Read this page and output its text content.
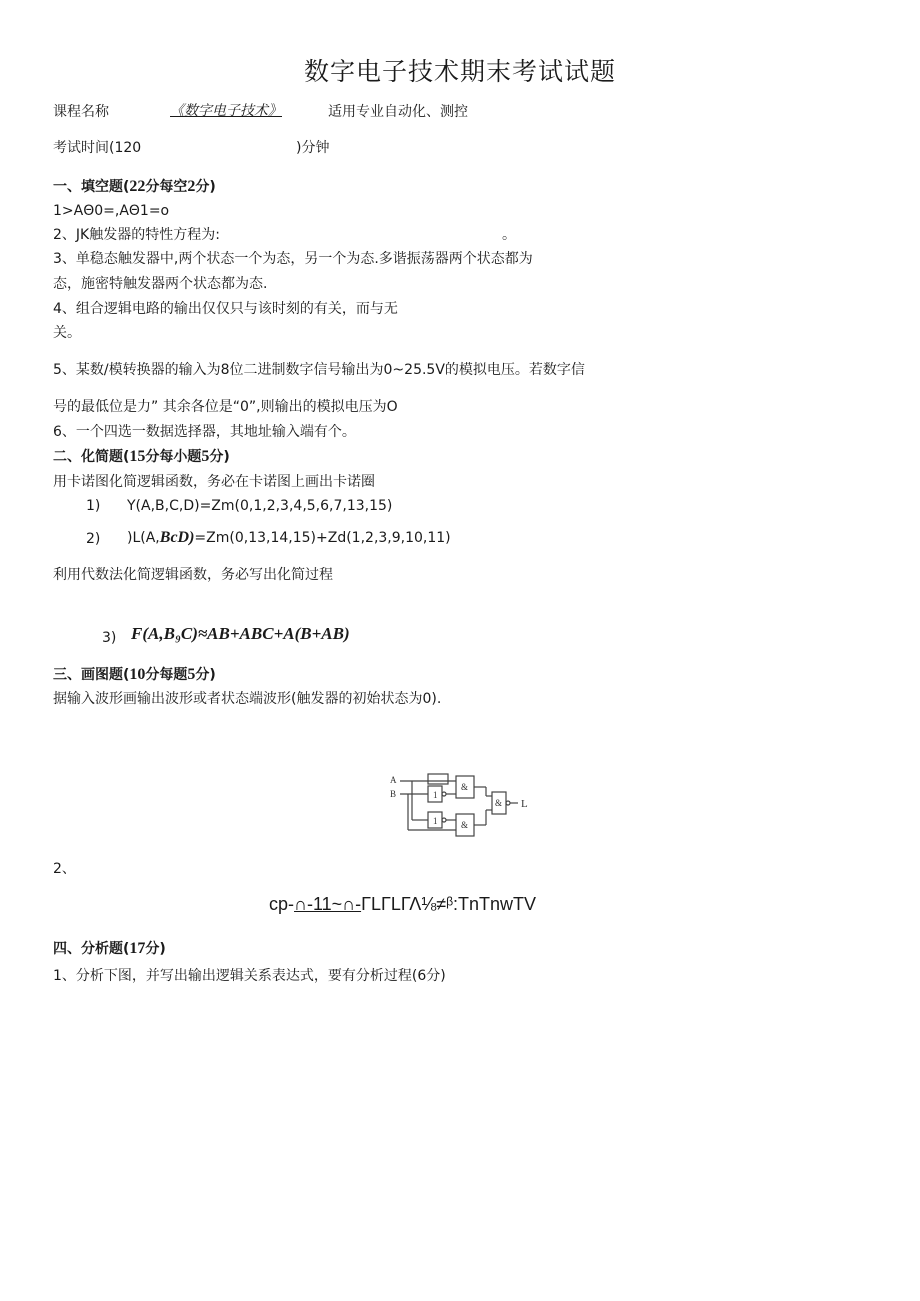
数字电子技术期末考试试题
课程名称	《数字电子技术》	适用专业自动化、测控
考试时间(120	)分钟
一、填空题(22分每空2分)
1>AΘ0=,AΘ1=o
2、JK触发器的特性方程为:	。
3、单稳态触发器中,两个状态一个为态，另一个为态.多谐振荡器两个状态都为
态，施密特触发器两个状态都为态.
4、组合逻辑电路的输出仅仅只与该时刻的有关，而与无
关。
5、某数/模转换器的输入为8位二进制数字信号输出为0~25.5V的模拟电压。若数字信
号的最低位是力” 其余各位是“0”,则输出的模拟电压为O
6、一个四选一数据选择器，其地址输入端有个。
二、化简题(15分每小题5分)
用卡诺图化简逻辑函数，务必在卡诺图上画出卡诺圈
1) Y(A,B,C,D)=Zm(0,1,2,3,4,5,6,7,13,15)
2) )L(A,BcD)=Zm(0,13,14,15)+Zd(1,2,3,9,10,11)
利用代数法化简逻辑函数，务必写出化简过程
3) F(A,B₉C)≈AB+ABC+A(B+AB)
三、画图题(10分每题5分)
据输入波形画输出波形或者状态端波形(触发器的初始状态为0).
A
B	1
1
&
&
& L
2、
cp-∩-11~∩-ΓLΓLΓΛ⅛≠ᵝ:TnTnwTV
四、分析题(17分)
1、分析下图，并写出输出逻辑关系表达式，要有分析过程(6分)
